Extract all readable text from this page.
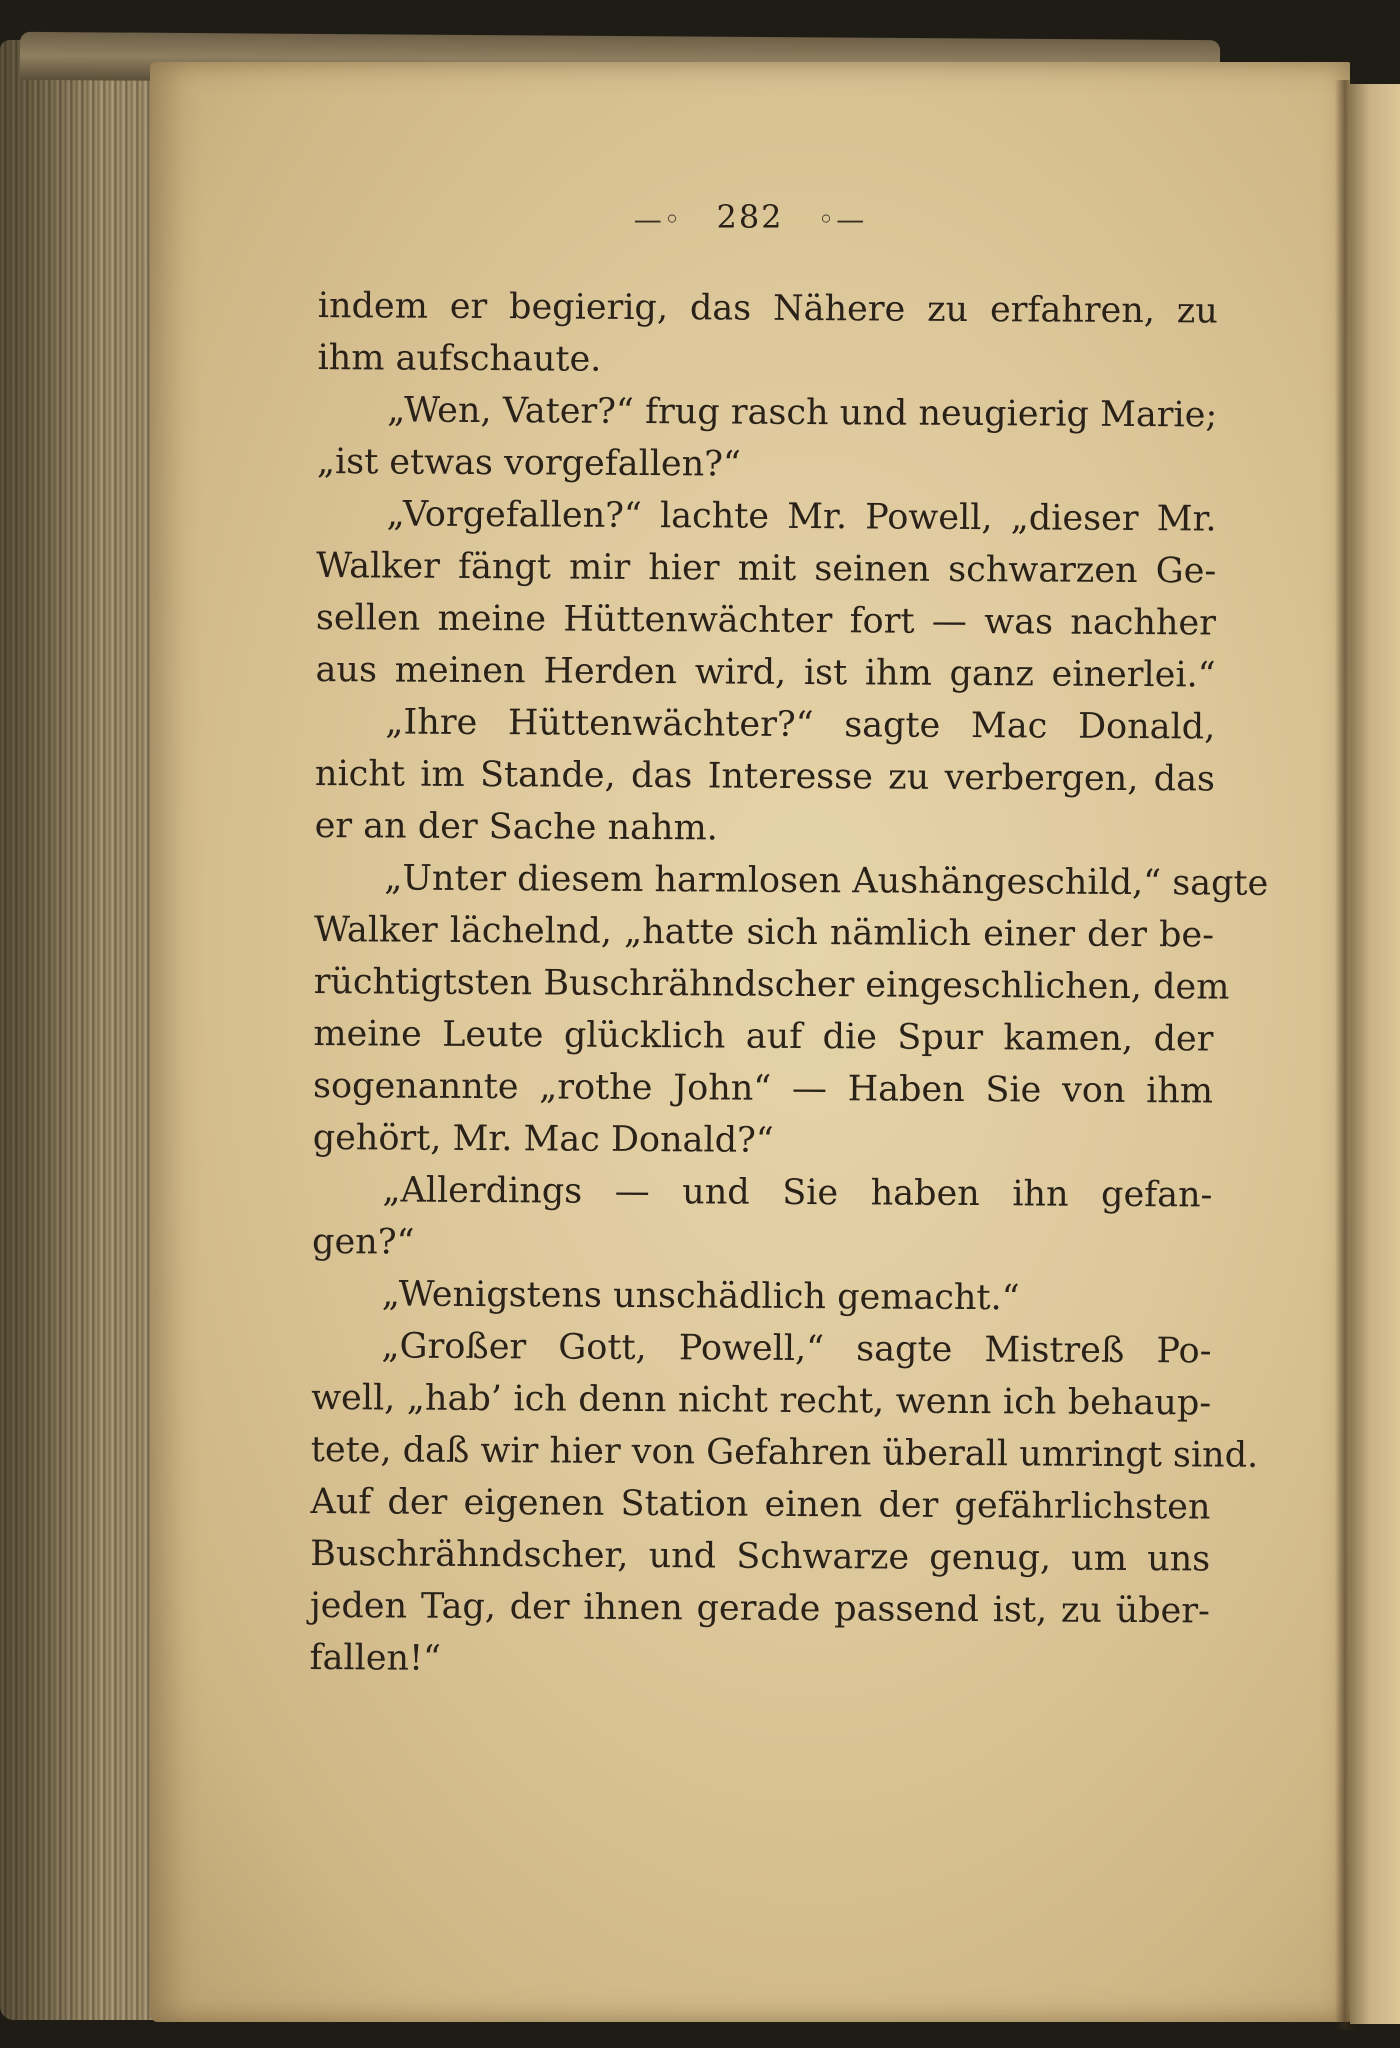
—◦ 282 ◦—
indem er begierig, das Nähere zu erfahren, zu
ihm aufschaute.
„Wen, Vater?“ frug rasch und neugierig Marie;
„ist etwas vorgefallen?“
„Vorgefallen?“ lachte Mr. Powell, „dieser Mr.
Walker fängt mir hier mit seinen schwarzen Ge-
sellen meine Hüttenwächter fort — was nachher
aus meinen Herden wird, ist ihm ganz einerlei.“
„Ihre Hüttenwächter?“ sagte Mac Donald,
nicht im Stande, das Interesse zu verbergen, das
er an der Sache nahm.
„Unter diesem harmlosen Aushängeschild,“ sagte
Walker lächelnd, „hatte sich nämlich einer der be-
rüchtigtsten Buschrähndscher eingeschlichen, dem
meine Leute glücklich auf die Spur kamen, der
sogenannte „rothe John“ — Haben Sie von ihm
gehört, Mr. Mac Donald?“
„Allerdings — und Sie haben ihn gefan-
gen?“
„Wenigstens unschädlich gemacht.“
„Großer Gott, Powell,“ sagte Mistreß Po-
well, „hab’ ich denn nicht recht, wenn ich behaup-
tete, daß wir hier von Gefahren überall umringt sind.
Auf der eigenen Station einen der gefährlichsten
Buschrähndscher, und Schwarze genug, um uns
jeden Tag, der ihnen gerade passend ist, zu über-
fallen!“
